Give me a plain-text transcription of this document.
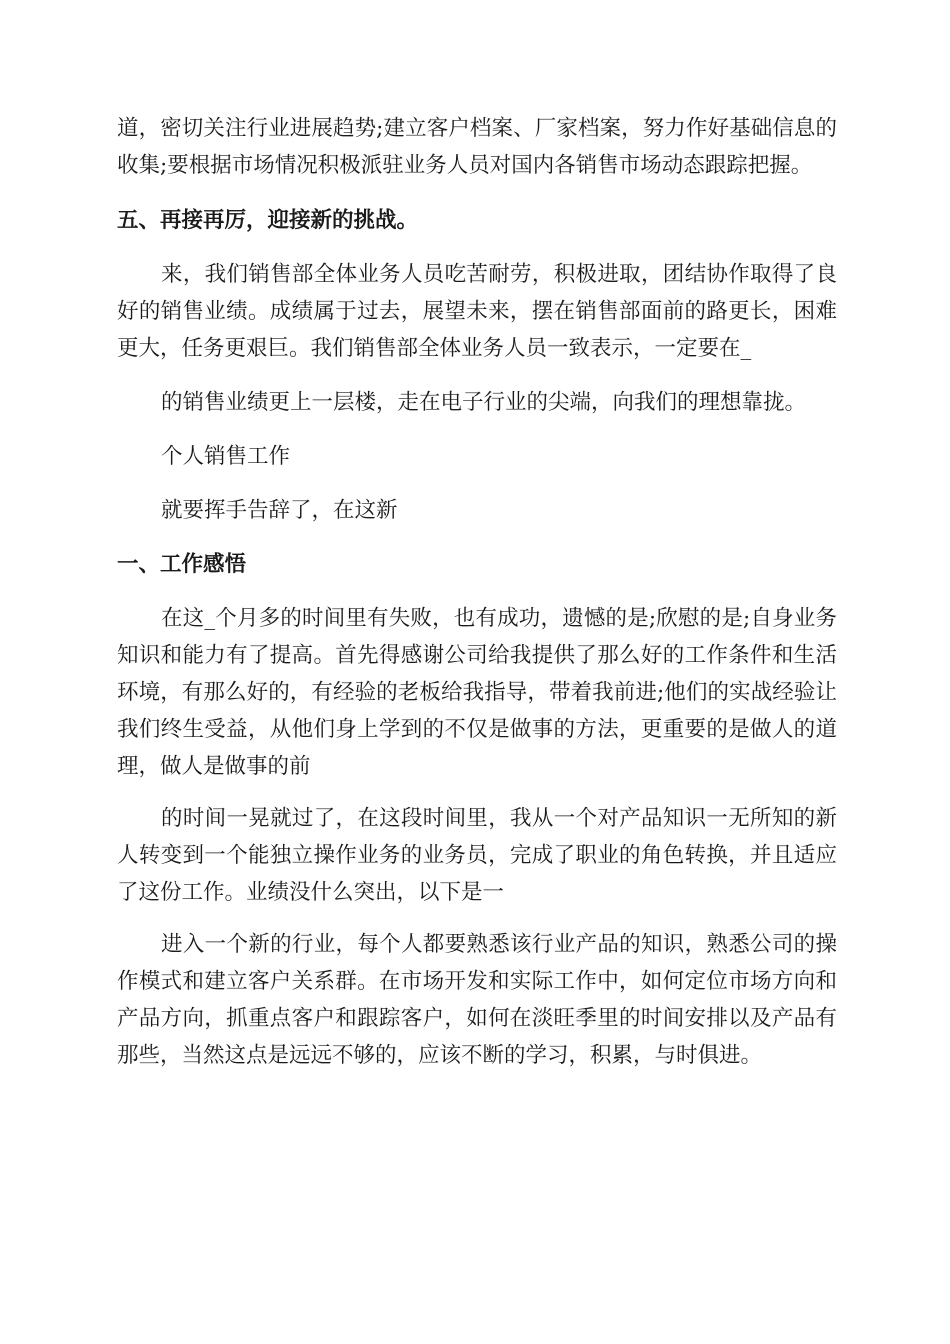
道，密切关注行业进展趋势;建立客户档案、厂家档案，努力作好基础信息的收集;要根据市场情况积极派驻业务人员对国内各销售市场动态跟踪把握。

五、再接再厉，迎接新的挑战。

来，我们销售部全体业务人员吃苦耐劳，积极进取，团结协作取得了良好的销售业绩。成绩属于过去，展望未来，摆在销售部面前的路更长，困难更大，任务更艰巨。我们销售部全体业务人员一致表示，一定要在_

的销售业绩更上一层楼，走在电子行业的尖端，向我们的理想靠拢。

个人销售工作

就要挥手告辞了，在这新

一、工作感悟

在这_个月多的时间里有失败，也有成功，遗憾的是;欣慰的是;自身业务知识和能力有了提高。首先得感谢公司给我提供了那么好的工作条件和生活环境，有那么好的，有经验的老板给我指导，带着我前进;他们的实战经验让我们终生受益，从他们身上学到的不仅是做事的方法，更重要的是做人的道理，做人是做事的前

的时间一晃就过了，在这段时间里，我从一个对产品知识一无所知的新人转变到一个能独立操作业务的业务员，完成了职业的角色转换，并且适应了这份工作。业绩没什么突出，以下是一

进入一个新的行业，每个人都要熟悉该行业产品的知识，熟悉公司的操作模式和建立客户关系群。在市场开发和实际工作中，如何定位市场方向和产品方向，抓重点客户和跟踪客户，如何在淡旺季里的时间安排以及产品有那些，当然这点是远远不够的，应该不断的学习，积累，与时俱进。
